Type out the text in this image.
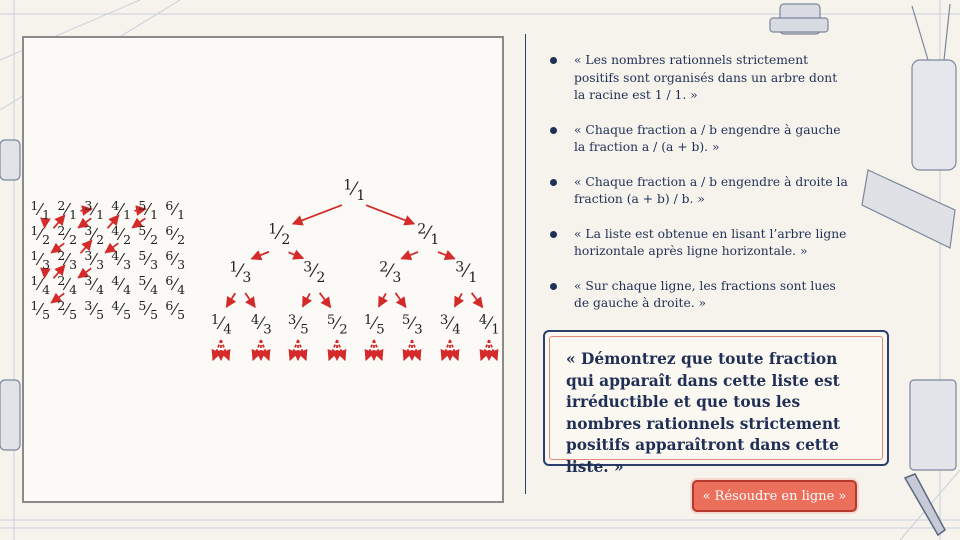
1 ⁄ 1
2 ⁄ 1
3 ⁄ 1
4 ⁄ 1
5 ⁄ 1
6 ⁄ 1
1 ⁄ 2
2 ⁄ 2
3 ⁄ 2
4 ⁄ 2
5 ⁄ 2
6 ⁄ 2
1 ⁄ 3
2 ⁄ 3
3 ⁄ 3
4 ⁄ 3
5 ⁄ 3
6 ⁄ 3
1 ⁄ 4
2 ⁄ 4
3 ⁄ 4
4 ⁄ 4
5 ⁄ 4
6 ⁄ 4
1 ⁄ 5
2 ⁄ 5
3 ⁄ 5
4 ⁄ 5
5 ⁄ 5
6 ⁄ 5
1 ⁄ 1
1 ⁄ 2
2 ⁄ 1
1 ⁄ 3
3 ⁄ 2
2 ⁄ 3
3 ⁄ 1
1 ⁄ 4
4 ⁄ 3
3 ⁄ 5
5 ⁄ 2
1 ⁄ 5
5 ⁄ 3
3 ⁄ 4
4 ⁄ 1
« Les nombres rationnels strictement positifs sont organisés dans un arbre dont la racine est 1 / 1. »
« Chaque fraction a / b engendre à gauche la fraction a / (a + b). »
« Chaque fraction a / b engendre à droite la fraction (a + b) / b. »
« La liste est obtenue en lisant l’arbre ligne horizontale après ligne horizontale. »
« Sur chaque ligne, les fractions sont lues de gauche à droite. »
« Démontrez que toute fraction qui apparaît dans cette liste est irréductible et que tous les nombres rationnels strictement positifs apparaîtront dans cette liste. »
« Résoudre en ligne »
